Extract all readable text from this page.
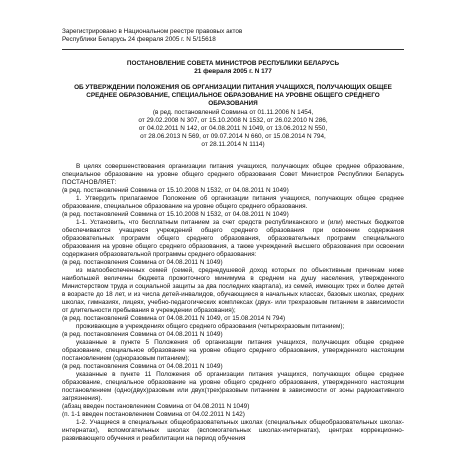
Зарегистрировано в Национальном реестре правовых актов
Республики Беларусь 24 февраля 2005 г. N 5/15618
ПОСТАНОВЛЕНИЕ СОВЕТА МИНИСТРОВ РЕСПУБЛИКИ БЕЛАРУСЬ
21 февраля 2005 г. N 177
ОБ УТВЕРЖДЕНИИ ПОЛОЖЕНИЯ ОБ ОРГАНИЗАЦИИ ПИТАНИЯ УЧАЩИХСЯ, ПОЛУЧАЮЩИХ ОБЩЕЕ СРЕДНЕЕ ОБРАЗОВАНИЕ, СПЕЦИАЛЬНОЕ ОБРАЗОВАНИЕ НА УРОВНЕ ОБЩЕГО СРЕДНЕГО ОБРАЗОВАНИЯ
(в ред. постановлений Совмина от 01.11.2006 N 1454,
от 29.02.2008 N 307, от 15.10.2008 N 1532, от 26.02.2010 N 286,
от 04.02.2011 N 142, от 04.08.2011 N 1049, от 13.06.2012 N 550,
от 28.06.2013 N 569, от 09.07.2014 N 660, от 15.08.2014 N 794,
от 28.11.2014 N 1114)
В целях совершенствования организации питания учащихся, получающих общее среднее образование, специальное образование на уровне общего среднего образования Совет Министров Республики Беларусь ПОСТАНОВЛЯЕТ:
(в ред. постановлений Совмина от 15.10.2008 N 1532, от 04.08.2011 N 1049)
1. Утвердить прилагаемое Положение об организации питания учащихся, получающих общее среднее образование, специальное образование на уровне общего среднего образования.
(в ред. постановлений Совмина от 15.10.2008 N 1532, от 04.08.2011 N 1049)
1-1. Установить, что бесплатным питанием за счет средств республиканского и (или) местных бюджетов обеспечиваются учащиеся учреждений общего среднего образования при освоении содержания образовательных программ общего среднего образования, образовательных программ специального образования на уровне общего среднего образования, а также учреждений высшего образования при освоении содержания образовательной программы среднего образования:
(в ред. постановления Совмина от 04.08.2011 N 1049)
из малообеспеченных семей (семей, среднедушевой доход которых по объективным причинам ниже наибольшей величины бюджета прожиточного минимума в среднем на душу населения, утвержденного Министерством труда и социальной защиты за два последних квартала), из семей, имеющих трех и более детей в возрасте до 18 лет, и из числа детей-инвалидов, обучающиеся в начальных классах, базовых школах, средних школах, гимназиях, лицеях, учебно-педагогических комплексах (двух- или трехразовым питанием в зависимости от длительности пребывания в учреждении образования);
(в ред. постановлений Совмина от 04.08.2011 N 1049, от 15.08.2014 N 794)
проживающие в учреждениях общего среднего образования (четырехразовым питанием);
(в ред. постановления Совмина от 04.08.2011 N 1049)
указанные в пункте 5 Положения об организации питания учащихся, получающих общее среднее образование, специальное образование на уровне общего среднего образования, утвержденного настоящим постановлением (одноразовым питанием);
(в ред. постановления Совмина от 04.08.2011 N 1049)
указанные в пункте 11 Положения об организации питания учащихся, получающих общее среднее образование, специальное образование на уровне общего среднего образования, утвержденного настоящим постановлением (одно(двух)разовым или двух(трех)разовым питанием в зависимости от зоны радиоактивного загрязнения).
(абзац введен постановлением Совмина от 04.08.2011 N 1049)
(п. 1-1 введен постановлением Совмина от 04.02.2011 N 142)
1-2. Учащиеся в специальных общеобразовательных школах (специальных общеобразовательных школах-интернатах), вспомогательных школах (вспомогательных школах-интернатах), центрах коррекционно-развивающего обучения и реабилитации на период обучения
